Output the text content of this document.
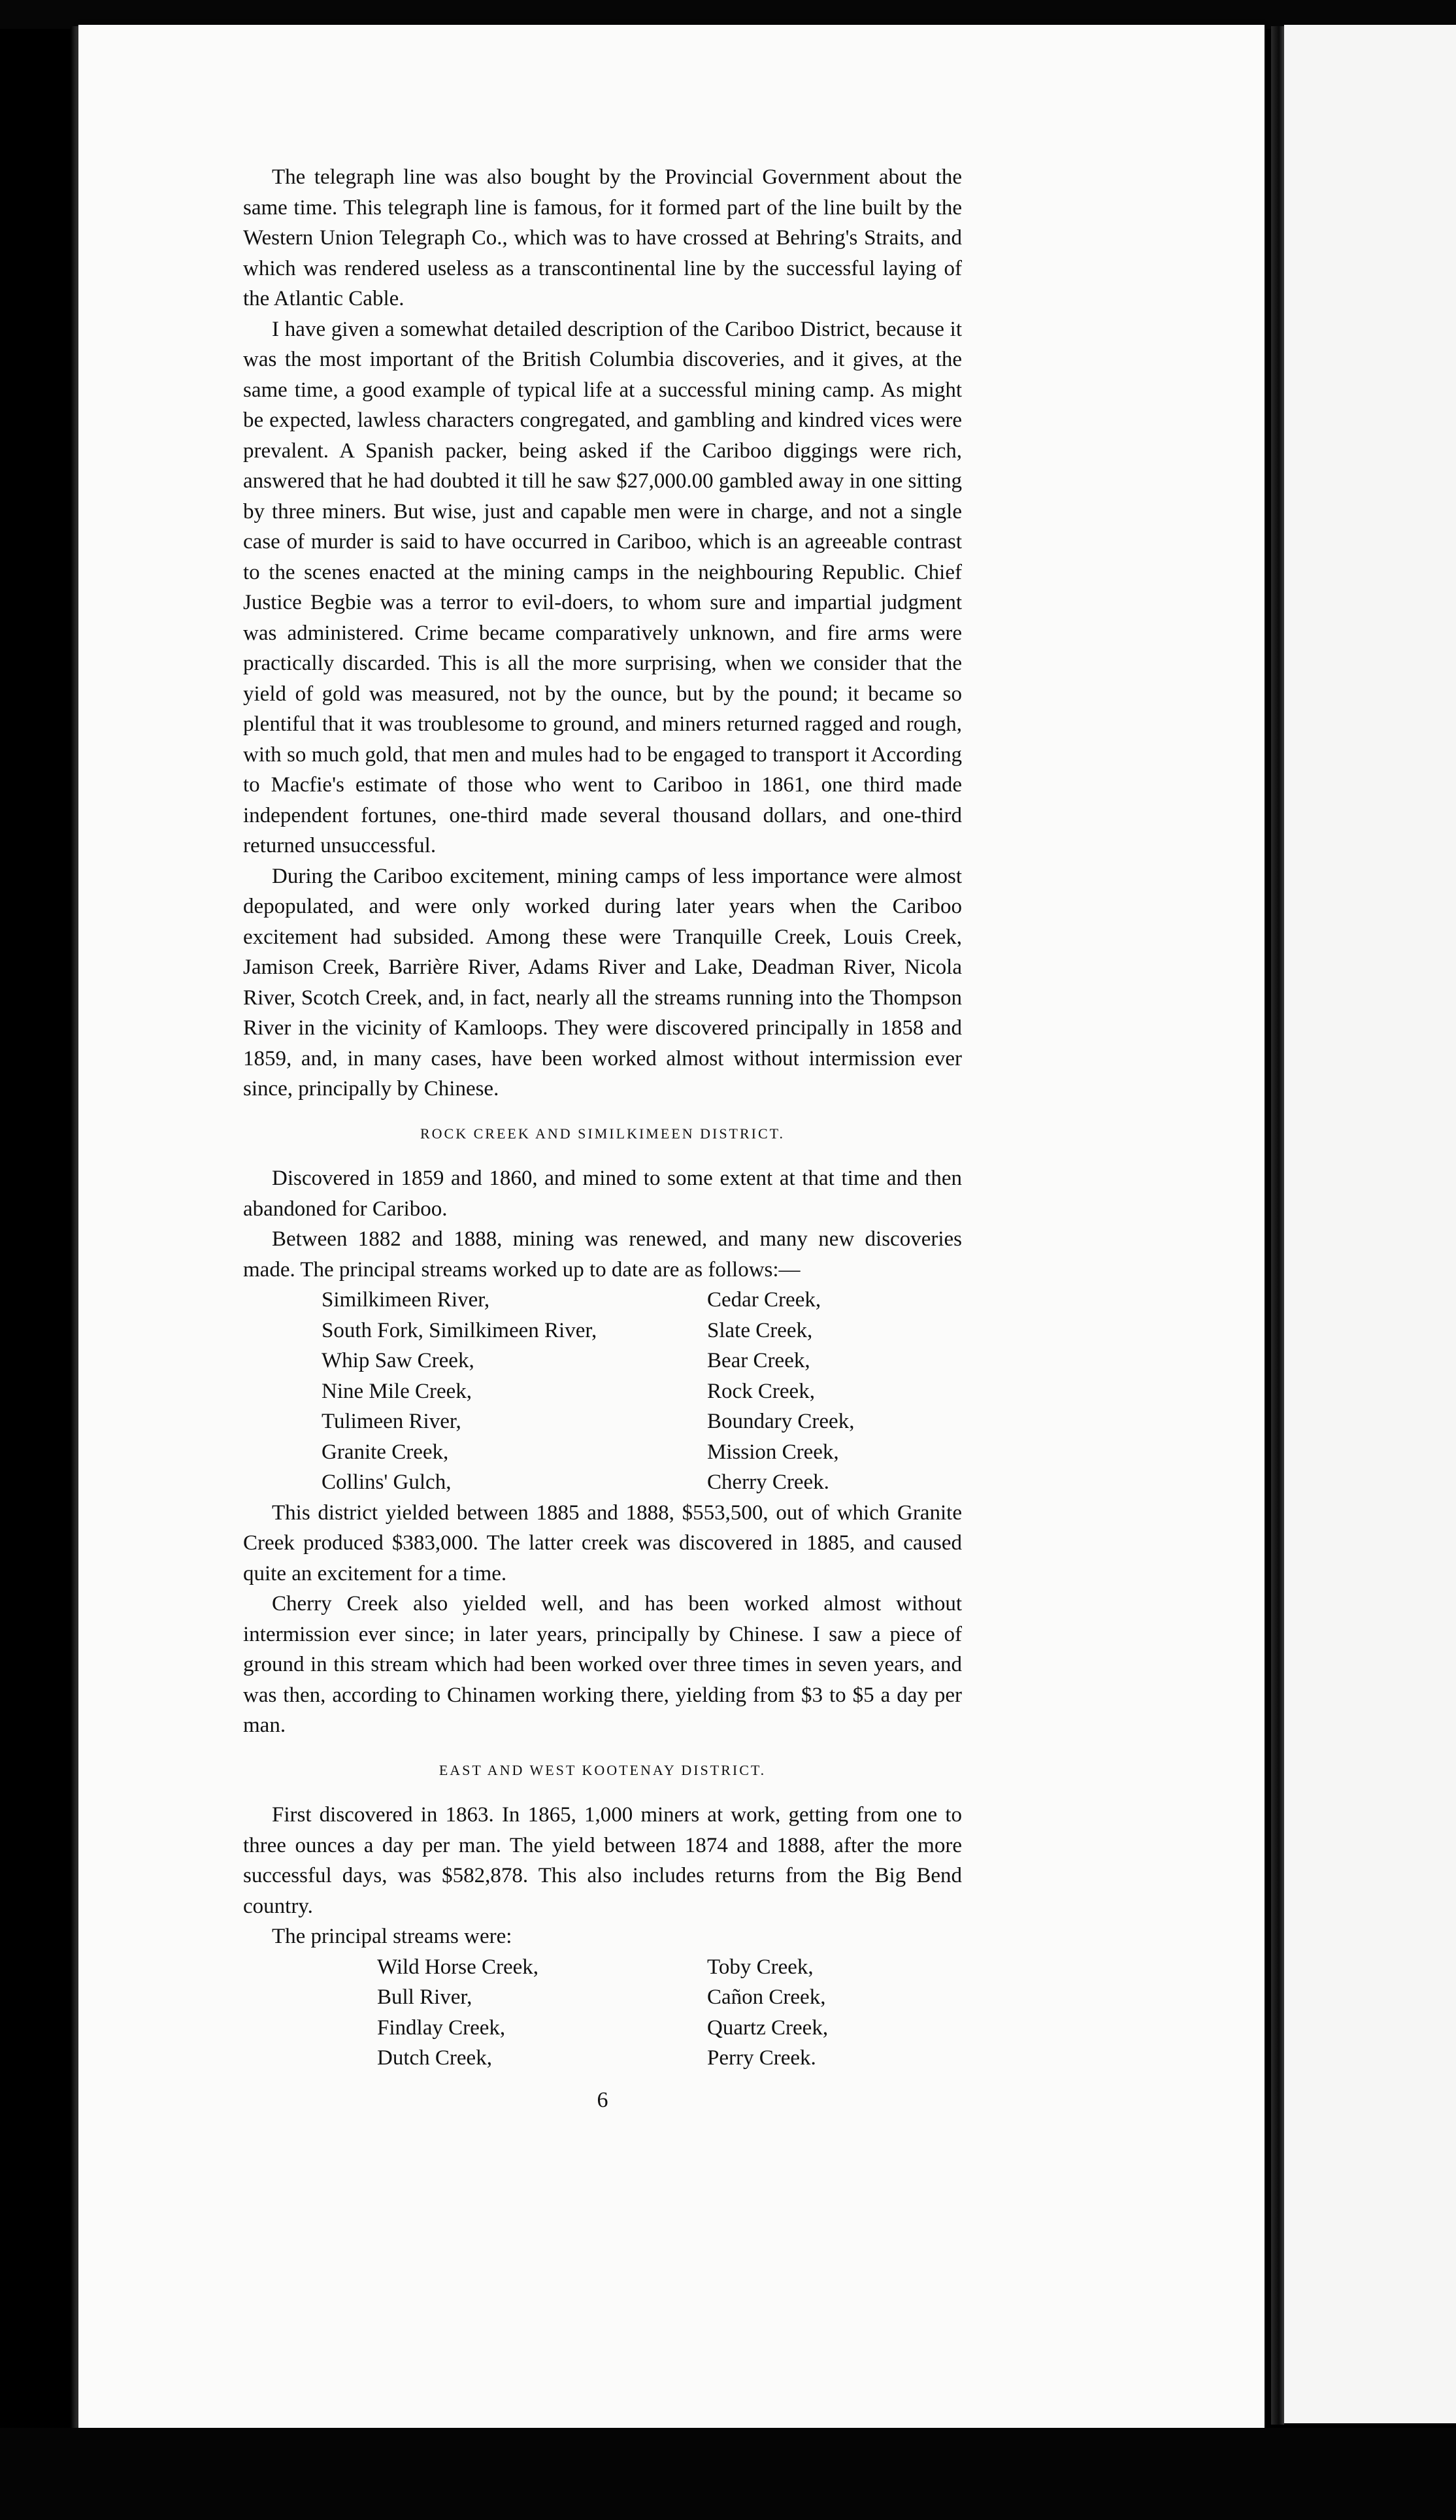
The telegraph line was also bought by the Provincial Government about the same time. This telegraph line is famous, for it formed part of the line built by the Western Union Telegraph Co., which was to have crossed at Behring's Straits, and which was rendered useless as a transcontinental line by the successful laying of the Atlantic Cable.

I have given a somewhat detailed description of the Cariboo District, because it was the most important of the British Columbia discoveries, and it gives, at the same time, a good example of typical life at a successful mining camp. As might be expected, lawless characters congregated, and gambling and kindred vices were prevalent. A Spanish packer, being asked if the Cariboo diggings were rich, answered that he had doubted it till he saw $27,000.00 gambled away in one sitting by three miners. But wise, just and capable men were in charge, and not a single case of murder is said to have occurred in Cariboo, which is an agreeable contrast to the scenes enacted at the mining camps in the neighbouring Republic. Chief Justice Begbie was a terror to evil-doers, to whom sure and impartial judgment was administered. Crime became comparatively unknown, and fire arms were practically discarded. This is all the more surprising, when we consider that the yield of gold was measured, not by the ounce, but by the pound; it became so plentiful that it was troublesome to ground, and miners returned ragged and rough, with so much gold, that men and mules had to be engaged to transport it According to Macfie's estimate of those who went to Cariboo in 1861, one third made independent fortunes, one-third made several thousand dollars, and one-third returned unsuccessful.

During the Cariboo excitement, mining camps of less importance were almost depopulated, and were only worked during later years when the Cariboo excitement had subsided. Among these were Tranquille Creek, Louis Creek, Jamison Creek, Barrière River, Adams River and Lake, Deadman River, Nicola River, Scotch Creek, and, in fact, nearly all the streams running into the Thompson River in the vicinity of Kamloops. They were discovered principally in 1858 and 1859, and, in many cases, have been worked almost without intermission ever since, principally by Chinese.

ROCK CREEK AND SIMILKIMEEN DISTRICT.

Discovered in 1859 and 1860, and mined to some extent at that time and then abandoned for Cariboo.

Between 1882 and 1888, mining was renewed, and many new discoveries made. The principal streams worked up to date are as follows:—

Similkimeen River,	Cedar Creek,
South Fork, Similkimeen River,	Slate Creek,
Whip Saw Creek,	Bear Creek,
Nine Mile Creek,	Rock Creek,
Tulimeen River,	Boundary Creek,
Granite Creek,	Mission Creek,
Collins' Gulch,	Cherry Creek.

This district yielded between 1885 and 1888, $553,500, out of which Granite Creek produced $383,000. The latter creek was discovered in 1885, and caused quite an excitement for a time.

Cherry Creek also yielded well, and has been worked almost without intermission ever since; in later years, principally by Chinese. I saw a piece of ground in this stream which had been worked over three times in seven years, and was then, according to Chinamen working there, yielding from $3 to $5 a day per man.

EAST AND WEST KOOTENAY DISTRICT.

First discovered in 1863. In 1865, 1,000 miners at work, getting from one to three ounces a day per man. The yield between 1874 and 1888, after the more successful days, was $582,878. This also includes returns from the Big Bend country.

The principal streams were:

Wild Horse Creek,	Toby Creek,
Bull River,	Cañon Creek,
Findlay Creek,	Quartz Creek,
Dutch Creek,	Perry Creek.
6
